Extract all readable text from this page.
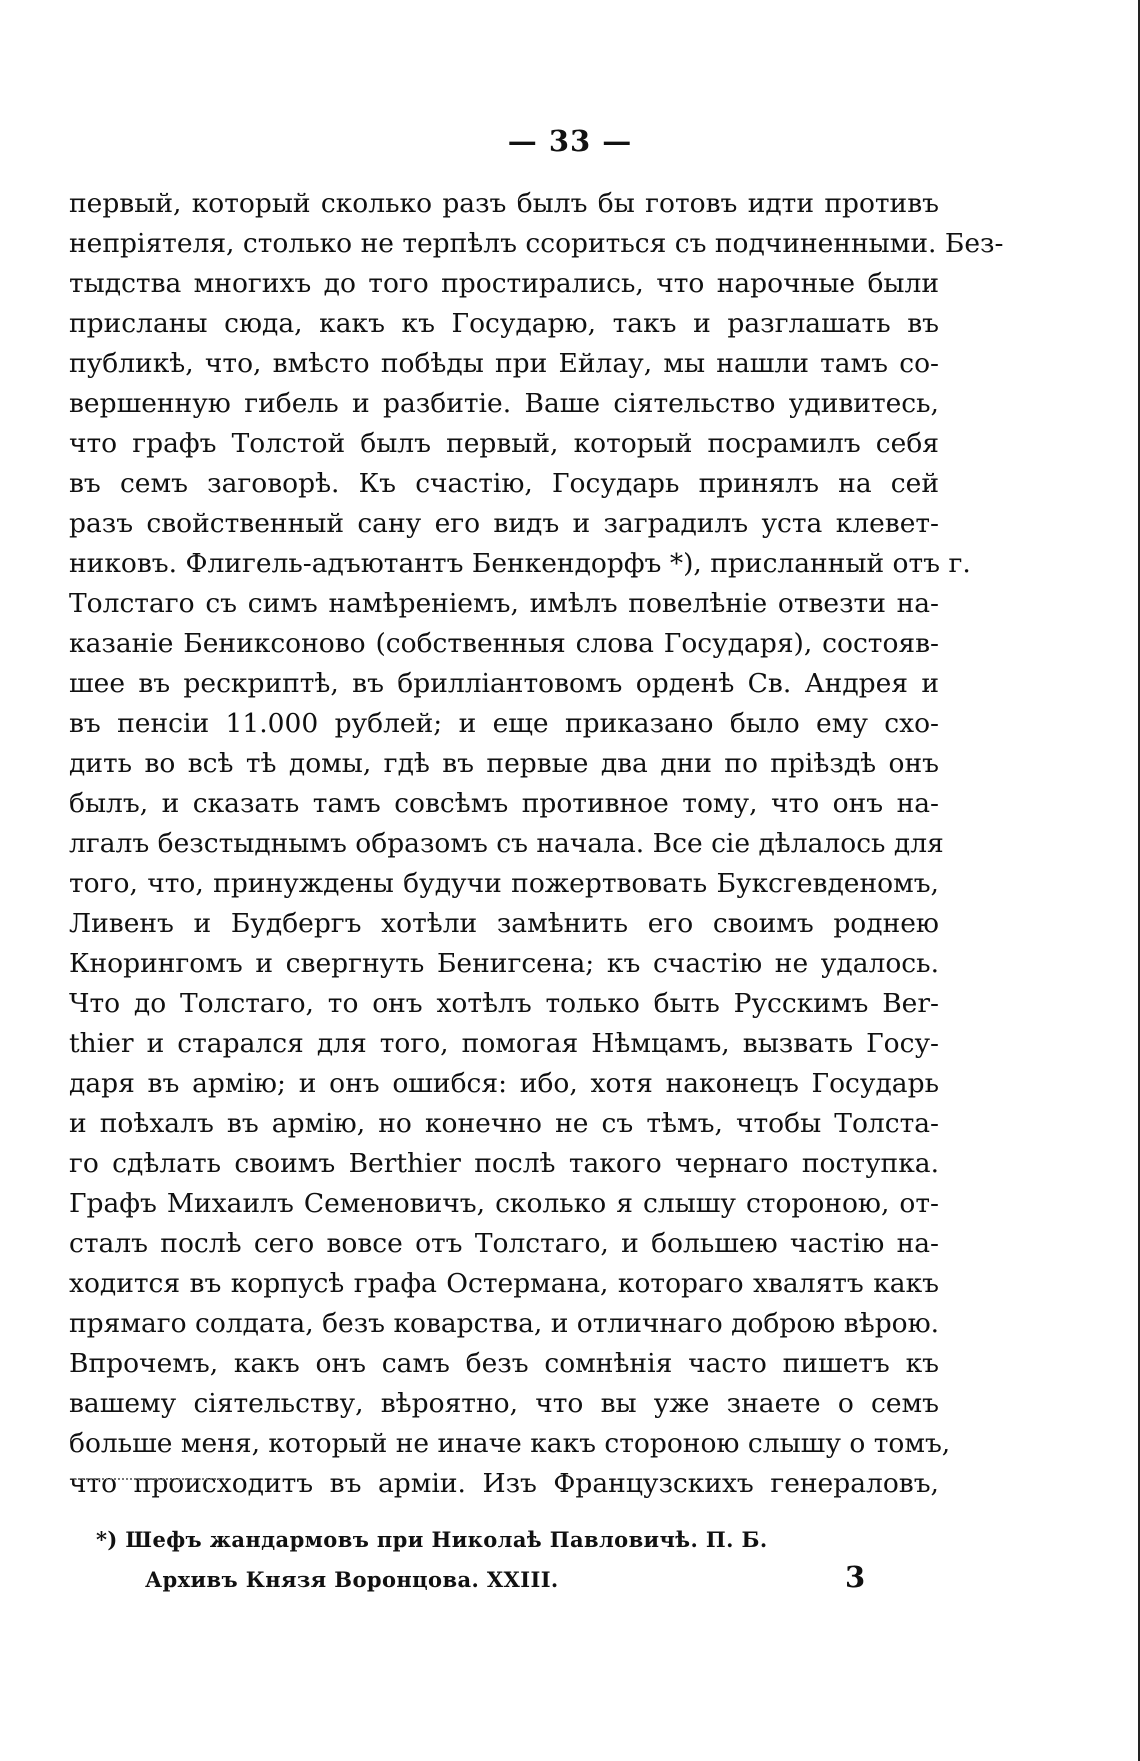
— 33 —
первый, который сколько разъ былъ бы готовъ идти противъ
непріятеля, столько не терпѣлъ ссориться съ подчиненными. Без-
тыдства многихъ до того простирались, что нарочные были
присланы сюда, какъ къ Государю, такъ и разглашать въ
публикѣ, что, вмѣсто побѣды при Ейлау, мы нашли тамъ со-
вершенную гибель и разбитіе. Ваше сіятельство удивитесь,
что графъ Толстой былъ первый, который посрамилъ себя
въ семъ заговорѣ. Къ счастію, Государь принялъ на сей
разъ свойственный сану его видъ и заградилъ уста клевет-
никовъ. Флигель-адъютантъ Бенкендорфъ *), присланный отъ г.
Толстаго съ симъ намѣреніемъ, имѣлъ повелѣніе отвезти на-
казаніе Бениксоново (собственныя слова Государя), состояв-
шее въ рескриптѣ, въ брилліантовомъ орденѣ Св. Андрея и
въ пенсіи 11.000 рублей; и еще приказано было ему схо-
дить во всѣ тѣ домы, гдѣ въ первые два дни по пріѣздѣ онъ
былъ, и сказать тамъ совсѣмъ противное тому, что онъ на-
лгалъ безстыднымъ образомъ съ начала. Все сіе дѣлалось для
того, что, принуждены будучи пожертвовать Буксгевденомъ,
Ливенъ и Будбергъ хотѣли замѣнить его своимъ роднею
Кнорингомъ и свергнуть Бенигсена; къ счастію не удалось.
Что до Толстаго, то онъ хотѣлъ только быть Русскимъ Ber-
thier и старался для того, помогая Нѣмцамъ, вызвать Госу-
даря въ армію; и онъ ошибся: ибо, хотя наконецъ Государь
и поѣхалъ въ армію, но конечно не съ тѣмъ, чтобы Толста-
го сдѣлать своимъ Berthier послѣ такого чернаго поступка.
Графъ Михаилъ Семеновичъ, сколько я слышу стороною, от-
сталъ послѣ сего вовсе отъ Толстаго, и большею частію на-
ходится въ корпусѣ графа Остермана, котораго хвалятъ какъ
прямаго солдата, безъ коварства, и отличнаго доброю вѣрою.
Впрочемъ, какъ онъ самъ безъ сомнѣнія часто пишетъ къ
вашему сіятельству, вѣроятно, что вы уже знаете о семъ
больше меня, который не иначе какъ стороною слышу о томъ,
что происходитъ въ арміи. Изъ Французскихъ генераловъ,
*) Шефъ жандармовъ при Николаѣ Павловичѣ. П. Б.
Архивъ Князя Воронцова. XXIII.	3
